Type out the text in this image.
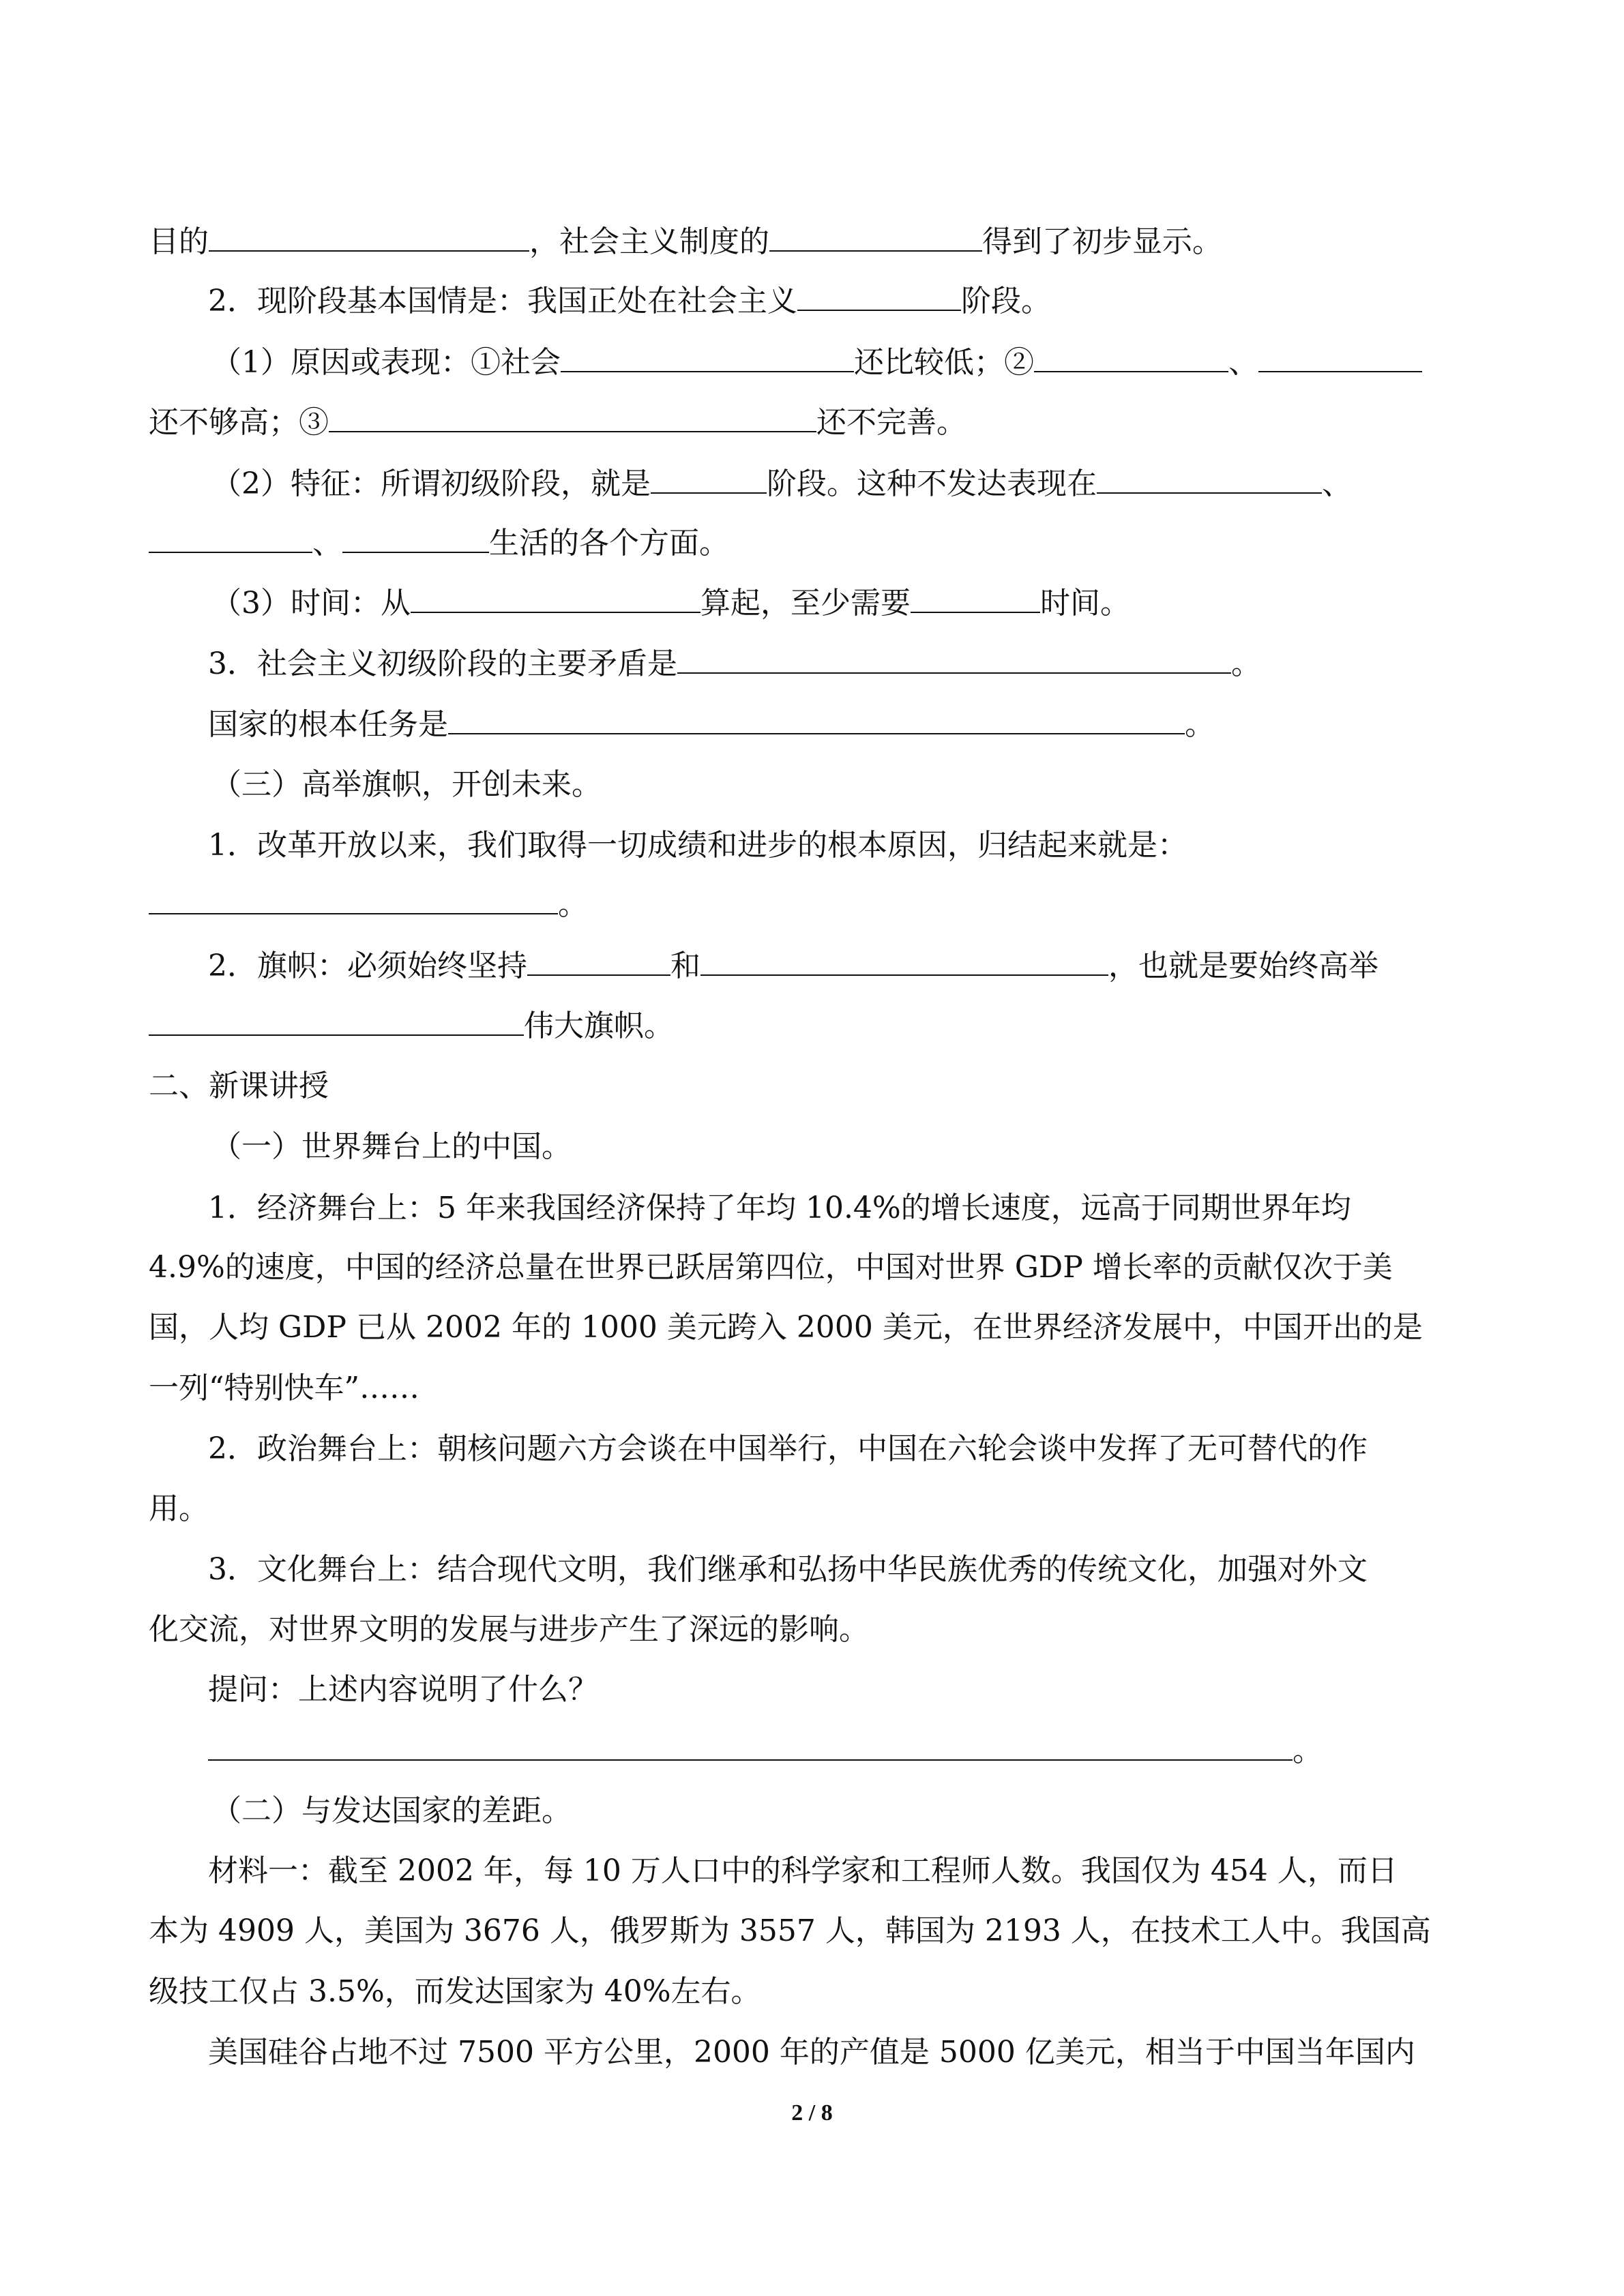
目的	，社会主义制度的	得到了初步显示。
2．现阶段基本国情是：我国正处在社会主义	阶段。
（1）原因或表现：①社会	还比较低；②	、
还不够高；③	还不完善。
（2）特征：所谓初级阶段，就是	阶段。这种不发达表现在	、
、	生活的各个方面。
（3）时间：从	算起，至少需要	时间。
3．社会主义初级阶段的主要矛盾是	。
国家的根本任务是	。
（三）高举旗帜，开创未来。
1．改革开放以来，我们取得一切成绩和进步的根本原因，归结起来就是：
。
2．旗帜：必须始终坚持	和	，也就是要始终高举
伟大旗帜。
二、新课讲授
（一）世界舞台上的中国。
1．经济舞台上：5 年来我国经济保持了年均 10.4%的增长速度，远高于同期世界年均
4.9%的速度，中国的经济总量在世界已跃居第四位，中国对世界 GDP 增长率的贡献仅次于美
国，人均 GDP 已从 2002 年的 1000 美元跨入 2000 美元，在世界经济发展中，中国开出的是
一列“特别快车”……
2．政治舞台上：朝核问题六方会谈在中国举行，中国在六轮会谈中发挥了无可替代的作
用。
3．文化舞台上：结合现代文明，我们继承和弘扬中华民族优秀的传统文化，加强对外文
化交流，对世界文明的发展与进步产生了深远的影响。
提问：上述内容说明了什么？
。
（二）与发达国家的差距。
材料一：截至 2002 年，每 10 万人口中的科学家和工程师人数。我国仅为 454 人，而日
本为 4909 人，美国为 3676 人，俄罗斯为 3557 人，韩国为 2193 人，在技术工人中。我国高
级技工仅占 3.5%，而发达国家为 40%左右。
美国硅谷占地不过 7500 平方公里，2000 年的产值是 5000 亿美元，相当于中国当年国内
2 / 8
